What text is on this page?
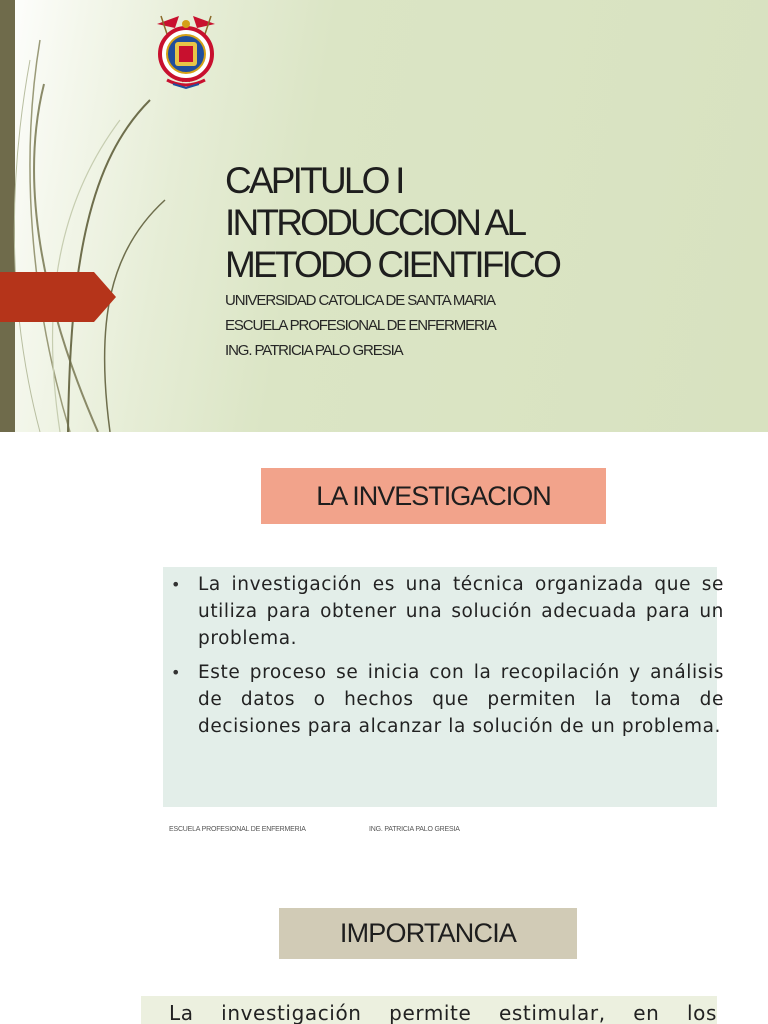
CAPITULO I
INTRODUCCION AL
METODO CIENTIFICO
UNIVERSIDAD CATOLICA DE SANTA MARIA
ESCUELA PROFESIONAL DE ENFERMERIA
ING. PATRICIA PALO GRESIA
LA INVESTIGACION
• La investigación es una técnica organizada que se utiliza para obtener una solución adecuada para un problema.
• Este proceso se inicia con la recopilación y análisis de datos o hechos que permiten la toma de decisiones para alcanzar la solución de un problema.
ESCUELA PROFESIONAL DE ENFERMERIA	ING. PATRICIA PALO GRESIA
IMPORTANCIA
La investigación permite estimular, en los
